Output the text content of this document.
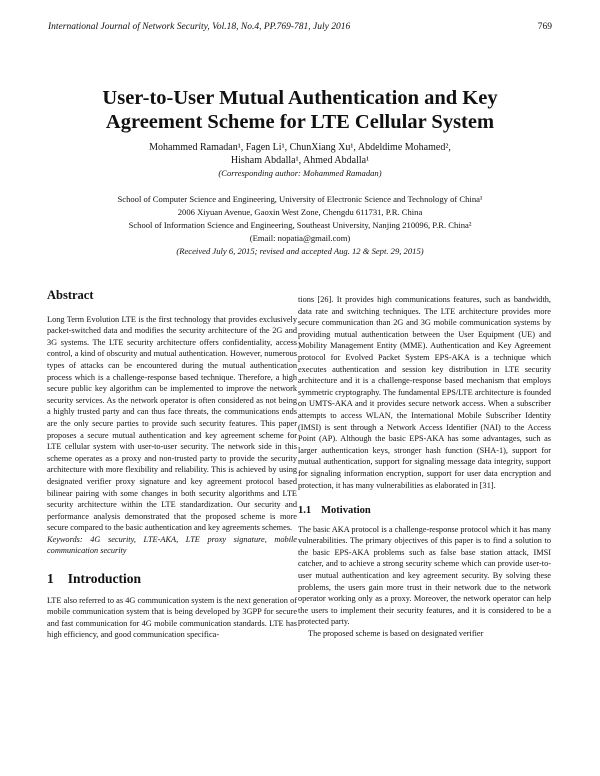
International Journal of Network Security, Vol.18, No.4, PP.769-781, July 2016	769
User-to-User Mutual Authentication and Key
Agreement Scheme for LTE Cellular System
Mohammed Ramadan¹, Fagen Li¹, ChunXiang Xu¹, Abdeldime Mohamed²,
Hisham Abdalla¹, Ahmed Abdalla¹
(Corresponding author: Mohammed Ramadan)
School of Computer Science and Engineering, University of Electronic Science and Technology of China¹
2006 Xiyuan Avenue, Gaoxin West Zone, Chengdu 611731, P.R. China
School of Information Science and Engineering, Southeast University, Nanjing 210096, P.R. China²
(Email: nopatia@gmail.com)
(Received July 6, 2015; revised and accepted Aug. 12 & Sept. 29, 2015)
Abstract

Long Term Evolution LTE is the first technology that provides exclusively packet-switched data and modifies the security architecture of the 2G and 3G systems. The LTE security architecture offers confidentiality, access control, a kind of obscurity and mutual authentication. However, numerous types of attacks can be encountered during the mutual authentication process which is a challenge-response based technique. Therefore, a high secure public key algorithm can be implemented to improve the network security services. As the network operator is often considered as not being a highly trusted party and can thus face threats, the communications ends are the only secure parties to provide such security features. This paper proposes a secure mutual authentication and key agreement scheme for LTE cellular system with user-to-user security. The network side in this scheme operates as a proxy and non-trusted party to provide the security architecture with more flexibility and reliability. This is achieved by using designated verifier proxy signature and key agreement protocol based bilinear pairing with some changes in both security algorithms and LTE security architecture within the LTE standardization. Our security and performance analysis demonstrated that the proposed scheme is more secure compared to the basic authentication and key agreements schemes.

Keywords: 4G security, LTE-AKA, LTE proxy signature, mobile communication security

1 Introduction

LTE also referred to as 4G communication system is the next generation of mobile communication system that is being developed by 3GPP for secure and fast communication for 4G mobile communication standards. LTE has high efficiency, and good communication specifica-

tions [26]. It provides high communications features, such as bandwidth, data rate and switching techniques. The LTE architecture provides more secure communication than 2G and 3G mobile communication systems by providing mutual authentication between the User Equipment (UE) and Mobility Management Entity (MME). Authentication and Key Agreement protocol for Evolved Packet System EPS-AKA is a technique which executes authentication and session key distribution in LTE security architecture and it is a challenge-response based mechanism that employs symmetric cryptography. The fundamental EPS/LTE architecture is founded on UMTS-AKA and it provides secure network access. When a subscriber attempts to access WLAN, the International Mobile Subscriber Identity (IMSI) is sent through a Network Access Identifier (NAI) to the Access Point (AP). Although the basic EPS-AKA has some advantages, such as larger authentication keys, stronger hash function (SHA-1), support for mutual authentication, support for signaling message data integrity, support for signaling information encryption, support for user data encryption and protection, it has many vulnerabilities as elaborated in [31].

1.1 Motivation

The basic AKA protocol is a challenge-response protocol which it has many vulnerabilities. The primary objectives of this paper is to find a solution to the basic EPS-AKA problems such as false base station attack, IMSI catcher, and to achieve a strong security scheme which can provide user-to-user mutual authentication and key agreement security. By solving these problems, the users gain more trust in their network due to the network operator working only as a proxy. Moreover, the network operator can help the users to implement their security features, and it is considered to be a protected party.

The proposed scheme is based on designated verifier
